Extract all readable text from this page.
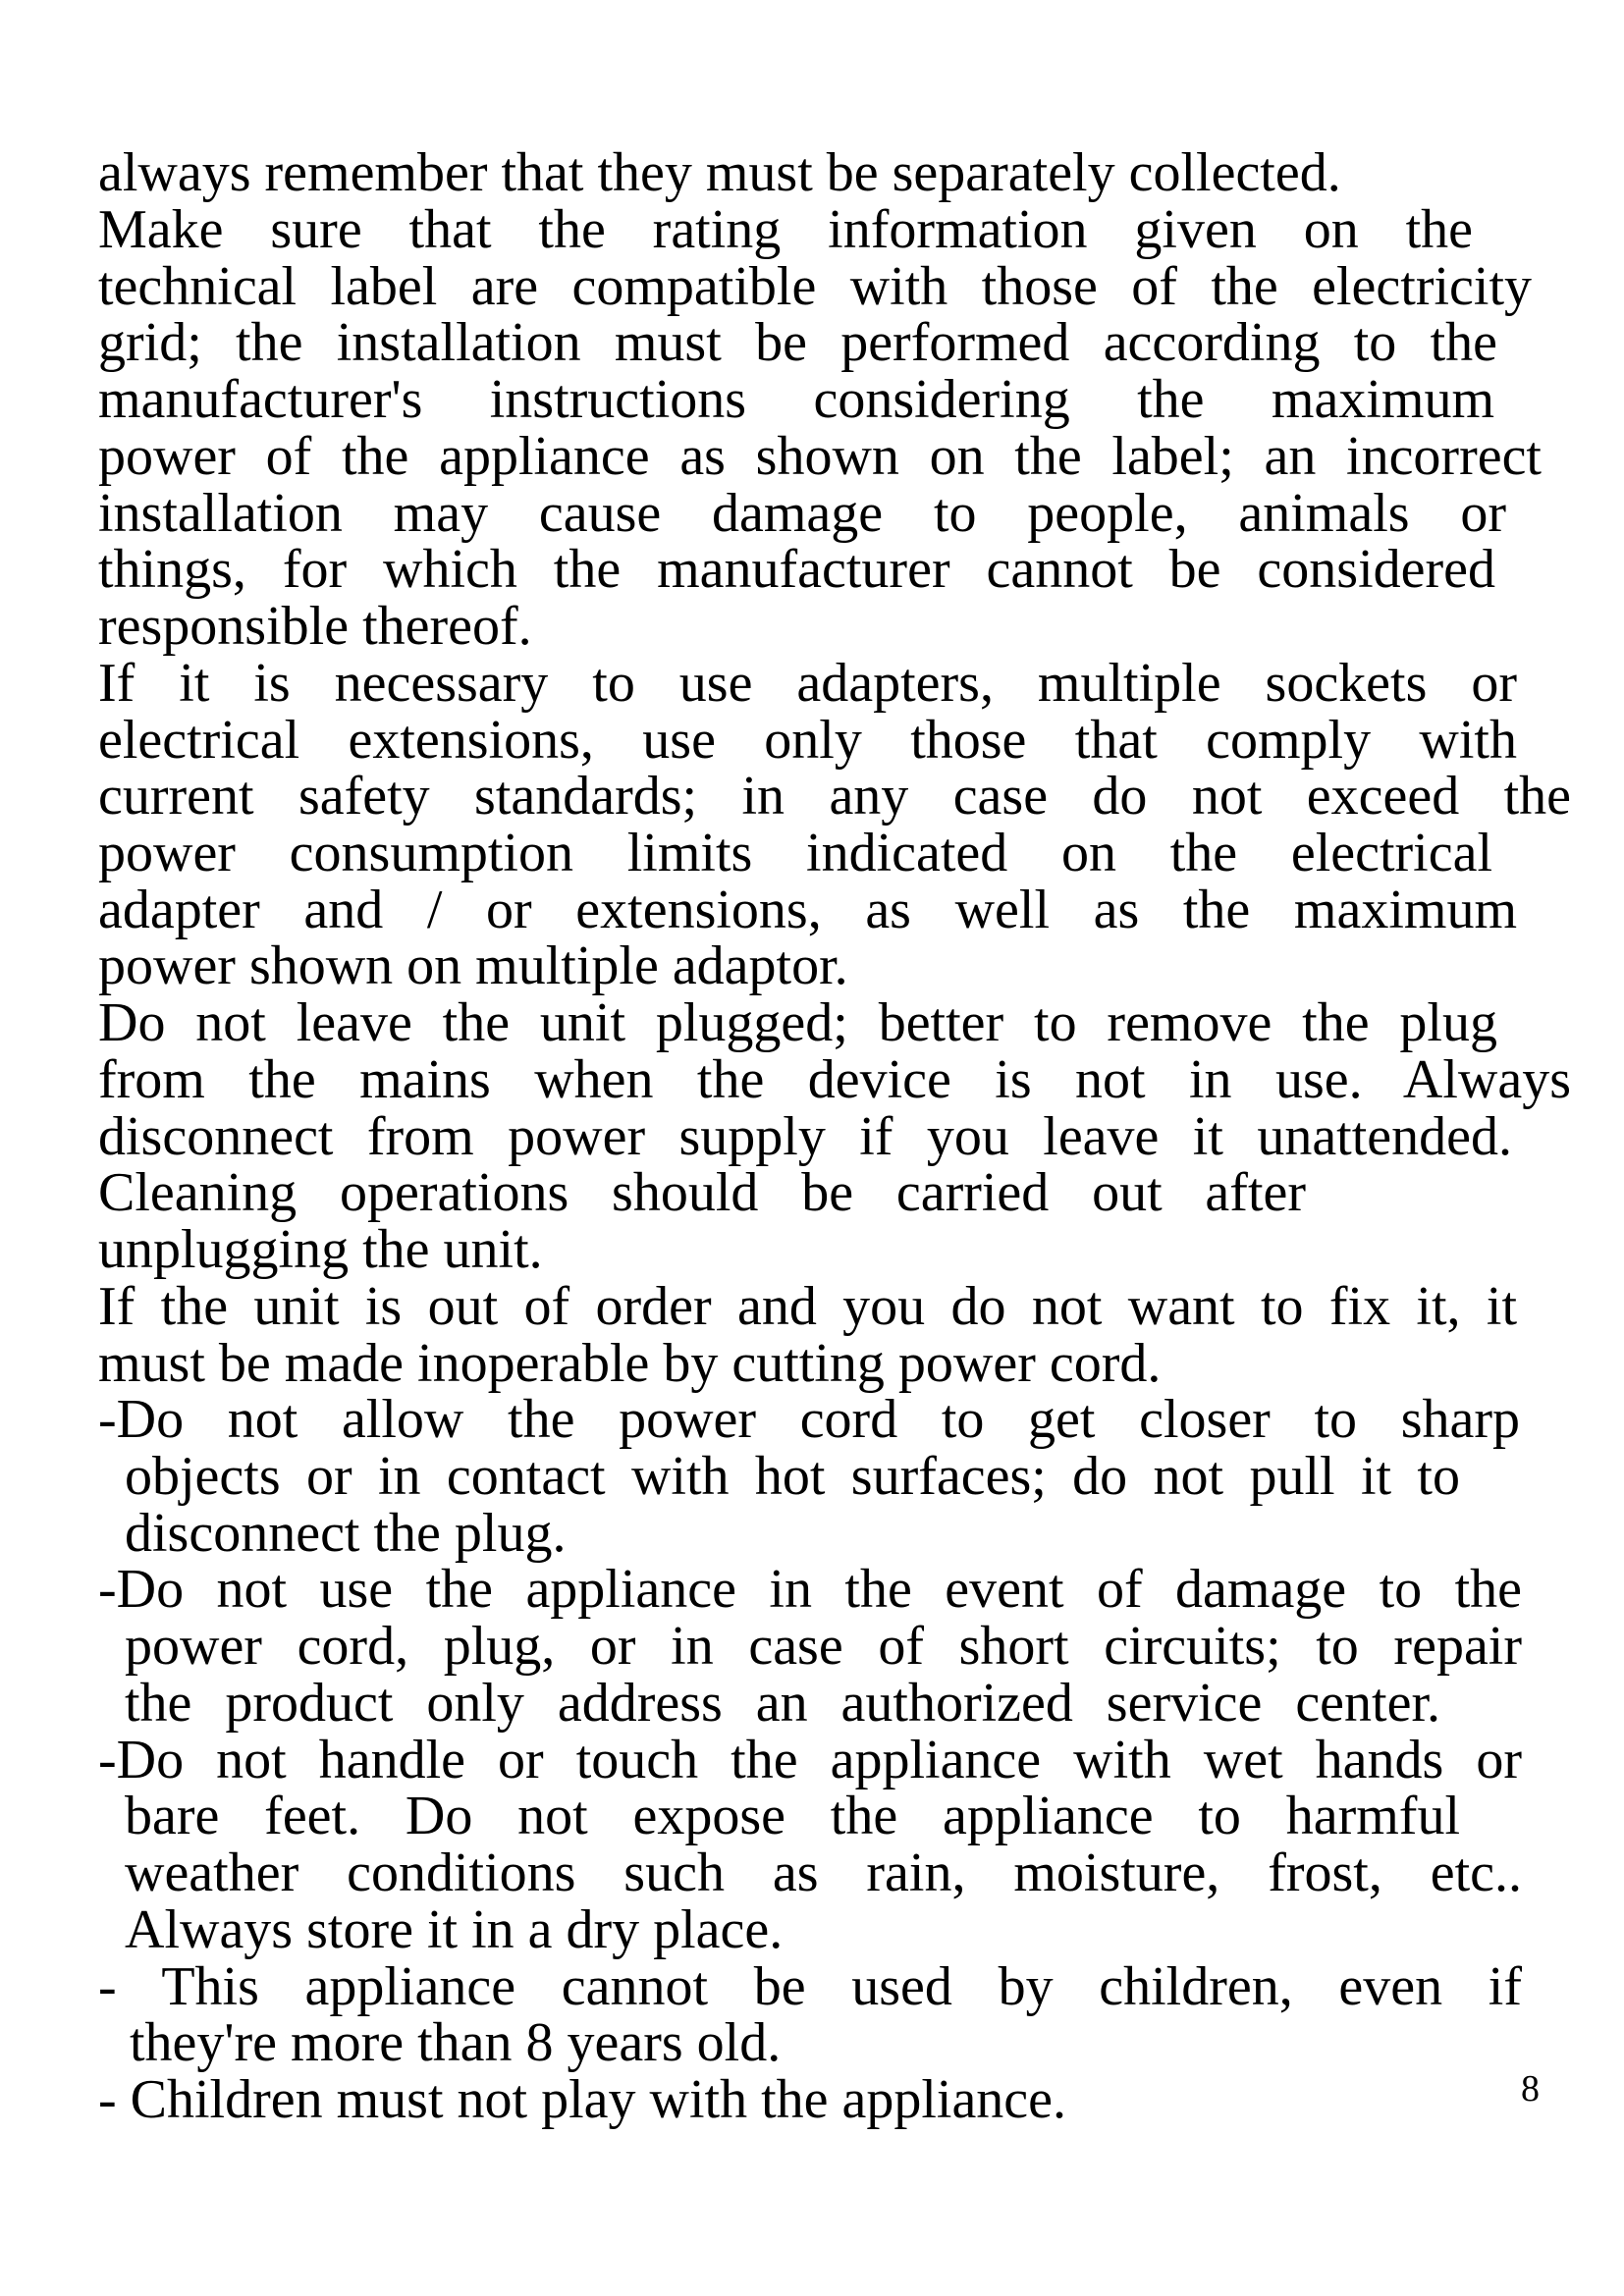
always remember that they must be separately collected.
Make sure that the rating information given on the
technical label are compatible with those of the electricity
grid; the installation must be performed according to the
manufacturer's instructions considering the maximum
power of the appliance as shown on the label; an incorrect
installation may cause damage to people, animals or
things, for which the manufacturer cannot be considered
responsible thereof.
If it is necessary to use adapters, multiple sockets or
electrical extensions, use only those that comply with
current safety standards; in any case do not exceed the
power consumption limits indicated on the electrical
adapter and / or extensions, as well as the maximum
power shown on multiple adaptor.
Do not leave the unit plugged; better to remove the plug
from the mains when the device is not in use. Always
disconnect from power supply if you leave it unattended.
Cleaning operations should be carried out after
unplugging the unit.
If the unit is out of order and you do not want to fix it, it
must be made inoperable by cutting power cord.
-Do not allow the power cord to get closer to sharp
objects or in contact with hot surfaces; do not pull it to
disconnect the plug.
-Do not use the appliance in the event of damage to the
power cord, plug, or in case of short circuits; to repair
the product only address an authorized service center.
-Do not handle or touch the appliance with wet hands or
bare feet. Do not expose the appliance to harmful
weather conditions such as rain, moisture, frost, etc..
Always store it in a dry place.
- This appliance cannot be used by children, even if
they're more than 8 years old.
- Children must not play with the appliance.	8
